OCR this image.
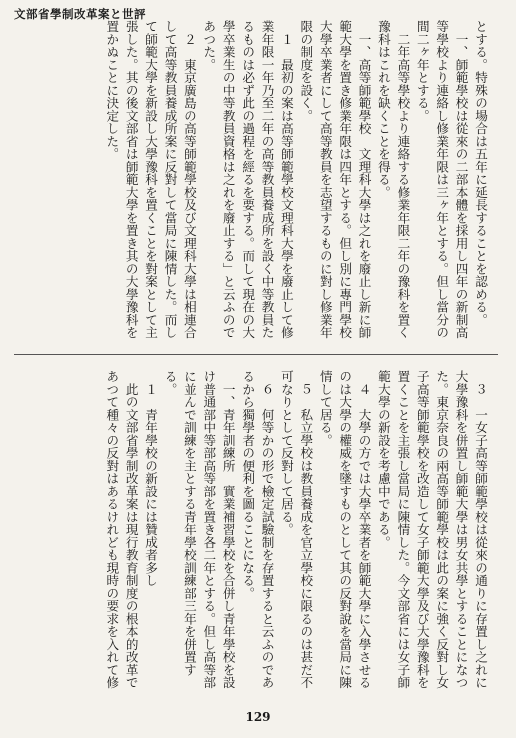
文部省學制改革案と世評
とする。特殊の場合は五年に延長することを認める。
　一、師範學校は從來の二部本體を採用し四年の新制高
等學校より連絡し修業年限は三ヶ年とする。但し當分の
間二ヶ年とする。
　二年高等學校より連絡する修業年限二年の豫科を置く
豫科はこれを缺くことを得る。
　一、高等師範學校　文理科大學は之れを廢止し新に師
範大學を置き修業年限は四年とする。但し別に專門學校
大學卒業者にして高等教員を志望するものに對し修業年
限の制度を設く。
　１　最初の案は高等師範學校文理科大學を廢止して修
業年限一年乃至二年の高等教員養成所を設く中等教員た
るものは必ず此の過程を經るを要する。而して現在の大
學卒業生の中等教員資格は之れを廢止する」と云ふので
あつた。
　２　東京廣島の高等師範學校及び文理科大學は相連合
して高等教員養成所案に反對して當局に陳情した。而し
て師範大學を新設し大學豫科を置くことを對案として主
張した。其の後文部省は師範大學を置き其の大學豫科を
置かぬことに決定した。
　３　一女子高等師範學校は從來の通りに存置し之れに
大學豫科を併置し師範大學は男女共學とすることになつ
た。東京奈良の兩高等師範學校は此の案に強く反對し女
子高等師範學校を改造して女子師範大學及び大學豫科を
置くことを主張し當局に陳情した。今文部省には女子師
範大學の新設を考慮中である。
　４　大學の方では大學卒業者を師範大學に入學させる
のは大學の權威を墜すものとして其の反對說を當局に陳
情して居る。
　５　私立學校は教員養成を官立學校に限るのは甚だ不
可なりとして反對して居る。
　６　何等かの形で檢定試驗制を存置すると云ふのであ
るから獨學者の便利を圖ることになる。
　一、青年訓練所　實業補習學校を合併し青年學校を設
け普通部中等部高等部を置き各二年とする。但し高等部
に並んで訓練を主とする青年學校訓練部三年を併置す
る。
　１　青年學校の新設には贊成者多し
　此の文部省學制改革案は現行教育制度の根本的改革で
あつて種々の反對はあるけれども現時の要求を入れて修
129
